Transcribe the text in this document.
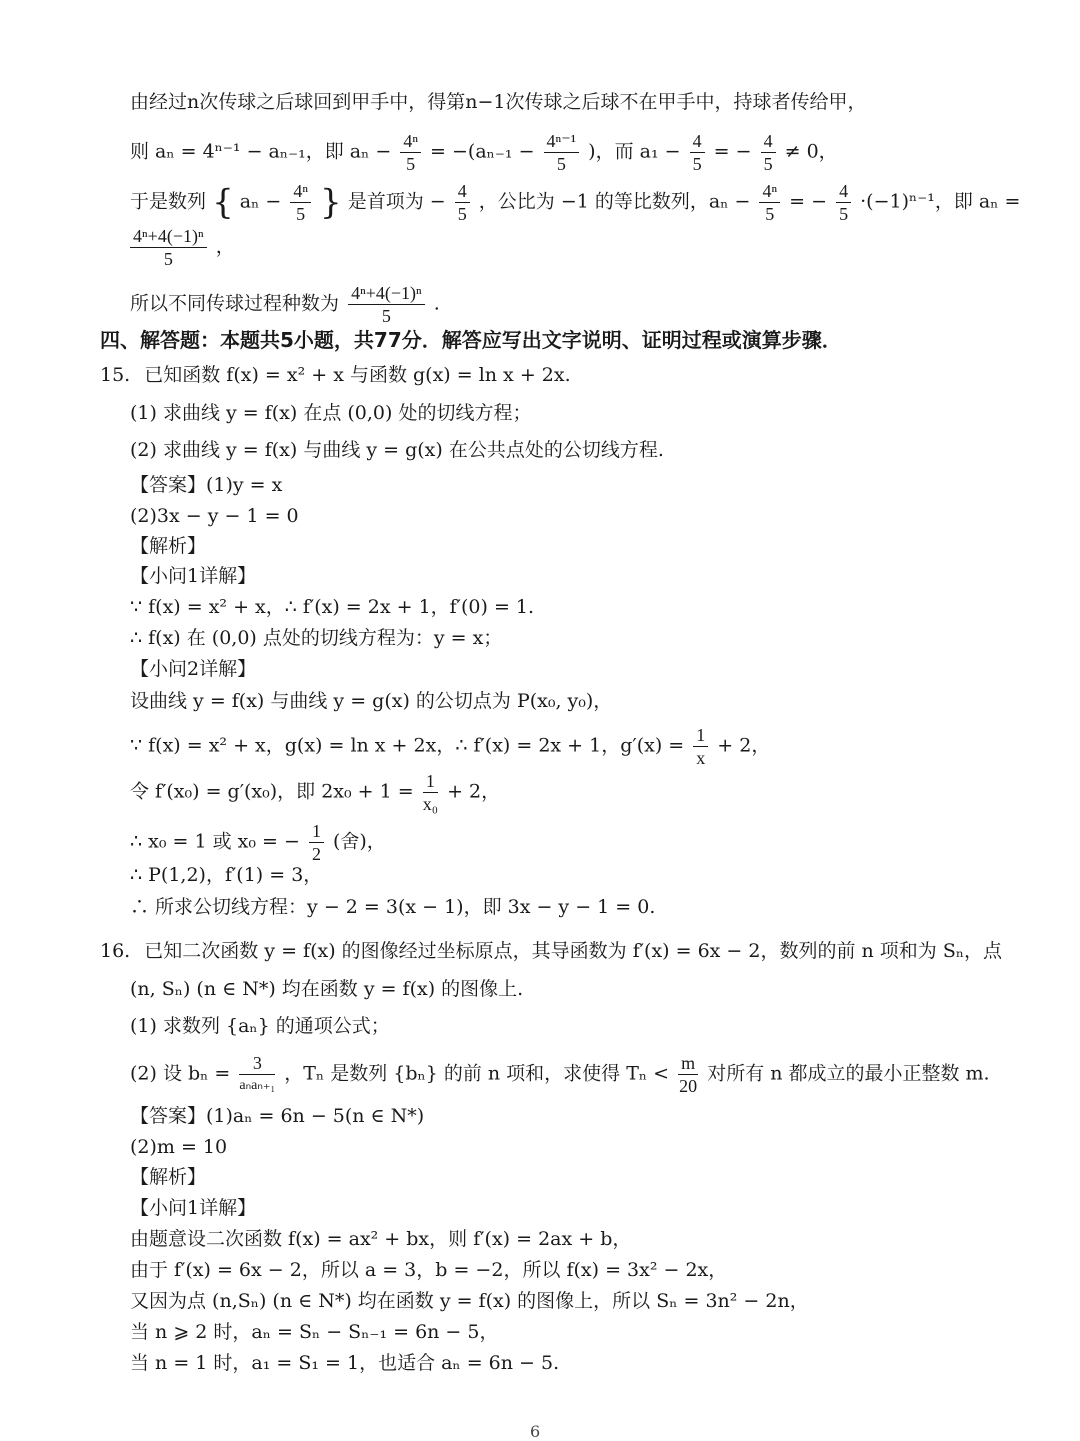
由经过n次传球之后球回到甲手中，得第n−1次传球之后球不在甲手中，持球者传给甲，
则 aₙ = 4ⁿ⁻¹ − aₙ₋₁，即 $a_n - \frac{\text{4ⁿ}}{5} = -(a_{n-1} - \frac{\text{4ⁿ⁻¹}}{5}$ )，而 $a_1 - \frac{4}{5}$ = − $\frac{4}{5} \ne 0$，
于是数列 { $a_n - \frac{\text{4ⁿ}}{5}$ } 是首项为 − $\frac{4}{5}$ ，公比为 −1 的等比数列，$a_n - \frac{\text{4ⁿ}}{5}$ = − $\frac{4}{5} \cdot(-1)^{n-1}$，即 aₙ =
$\frac{\text{4ⁿ+4(−1)ⁿ}}{5}$ ，
所以不同传球过程种数为 $\frac{\text{4ⁿ+4(−1)ⁿ}}{5}$ .
四、解答题：本题共5小题，共77分．解答应写出文字说明、证明过程或演算步骤．
15. 已知函数 f(x) = x² + x 与函数 g(x) = ln x + 2x.
(1) 求曲线 y = f(x) 在点 (0,0) 处的切线方程；
(2) 求曲线 y = f(x) 与曲线 y = g(x) 在公共点处的公切线方程.
【答案】(1)y = x
(2)3x − y − 1 = 0
【解析】
【小问1详解】
∵ f(x) = x² + x，∴ f′(x) = 2x + 1，f′(0) = 1.
∴ f(x) 在 (0,0) 点处的切线方程为：y = x；
【小问2详解】
设曲线 y = f(x) 与曲线 y = g(x) 的公切点为 P(x₀, y₀)，
∵ f(x) = x² + x，g(x) = ln x + 2x，∴ f′(x) = 2x + 1，$g'(x) = \frac{1}{x} + 2$，
令 f′(x₀) = g′(x₀)，即 $2x_0 + 1 = \frac{1}{\text{x₀}} + 2$，
∴ x₀ = 1 或 x₀ = − $\frac{1}{2}$ (舍)，
∴ P(1,2)，f′(1) = 3，
∴ 所求公切线方程：y − 2 = 3(x − 1)，即 3x − y − 1 = 0.
16. 已知二次函数 y = f(x) 的图像经过坐标原点，其导函数为 f′(x) = 6x − 2，数列的前 n 项和为 Sₙ，点
(n, Sₙ) (n ∈ N*) 均在函数 y = f(x) 的图像上.
(1) 求数列 {aₙ} 的通项公式；
(2) 设 $b_n = \frac{3}{\text{aₙaₙ₊₁}}$ ，Tₙ 是数列 {bₙ} 的前 n 项和，求使得 $T_n < \frac{m}{20}$ 对所有 n 都成立的最小正整数 m.
【答案】(1)aₙ = 6n − 5(n ∈ N*)
(2)m = 10
【解析】
【小问1详解】
由题意设二次函数 f(x) = ax² + bx，则 f′(x) = 2ax + b，
由于 f′(x) = 6x − 2，所以 a = 3，b = −2，所以 f(x) = 3x² − 2x，
又因为点 (n,Sₙ) (n ∈ N*) 均在函数 y = f(x) 的图像上，所以 Sₙ = 3n² − 2n，
当 n ⩾ 2 时，aₙ = Sₙ − Sₙ₋₁ = 6n − 5，
当 n = 1 时，a₁ = S₁ = 1，也适合 aₙ = 6n − 5.
6
